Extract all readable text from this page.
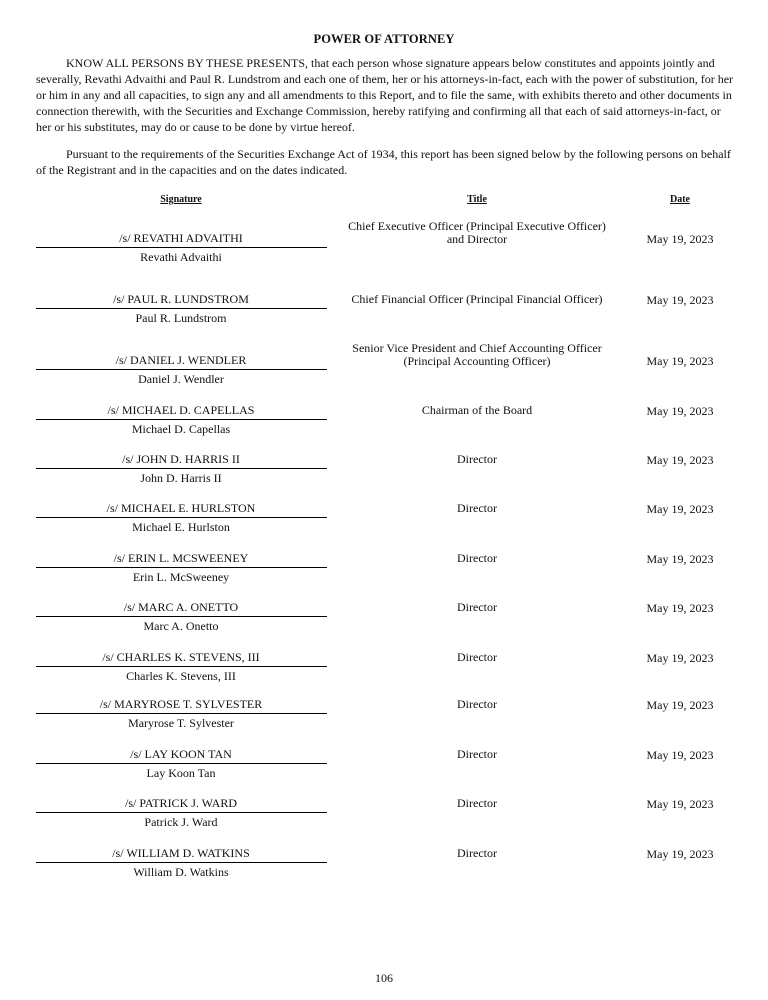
POWER OF ATTORNEY

KNOW ALL PERSONS BY THESE PRESENTS, that each person whose signature appears below constitutes and appoints jointly and severally, Revathi Advaithi and Paul R. Lundstrom and each one of them, her or his attorneys-in-fact, each with the power of substitution, for her or him in any and all capacities, to sign any and all amendments to this Report, and to file the same, with exhibits thereto and other documents in connection therewith, with the Securities and Exchange Commission, hereby ratifying and confirming all that each of said attorneys-in-fact, or her or his substitutes, may do or cause to be done by virtue hereof.

Pursuant to the requirements of the Securities Exchange Act of 1934, this report has been signed below by the following persons on behalf of the Registrant and in the capacities and on the dates indicated.

Signature	Title	Date
/s/ REVATHI ADVAITHI
Revathi Advaithi
Chief Executive Officer (Principal Executive Officer)
and Director	May 19, 2023
/s/ PAUL R. LUNDSTROM
Paul R. Lundstrom
Chief Financial Officer (Principal Financial Officer)	May 19, 2023
/s/ DANIEL J. WENDLER
Daniel J. Wendler
Senior Vice President and Chief Accounting Officer
(Principal Accounting Officer)	May 19, 2023
/s/ MICHAEL D. CAPELLAS
Michael D. Capellas
Chairman of the Board	May 19, 2023
/s/ JOHN D. HARRIS II
John D. Harris II
Director	May 19, 2023
/s/ MICHAEL E. HURLSTON
Michael E. Hurlston
Director	May 19, 2023
/s/ ERIN L. MCSWEENEY
Erin L. McSweeney
Director	May 19, 2023
/s/ MARC A. ONETTO
Marc A. Onetto
Director	May 19, 2023
/s/ CHARLES K. STEVENS, III
Charles K. Stevens, III
Director	May 19, 2023
/s/ MARYROSE T. SYLVESTER
Maryrose T. Sylvester
Director	May 19, 2023
/s/ LAY KOON TAN
Lay Koon Tan
Director	May 19, 2023
/s/ PATRICK J. WARD
Patrick J. Ward
Director	May 19, 2023
/s/ WILLIAM D. WATKINS
William D. Watkins
Director	May 19, 2023
106
